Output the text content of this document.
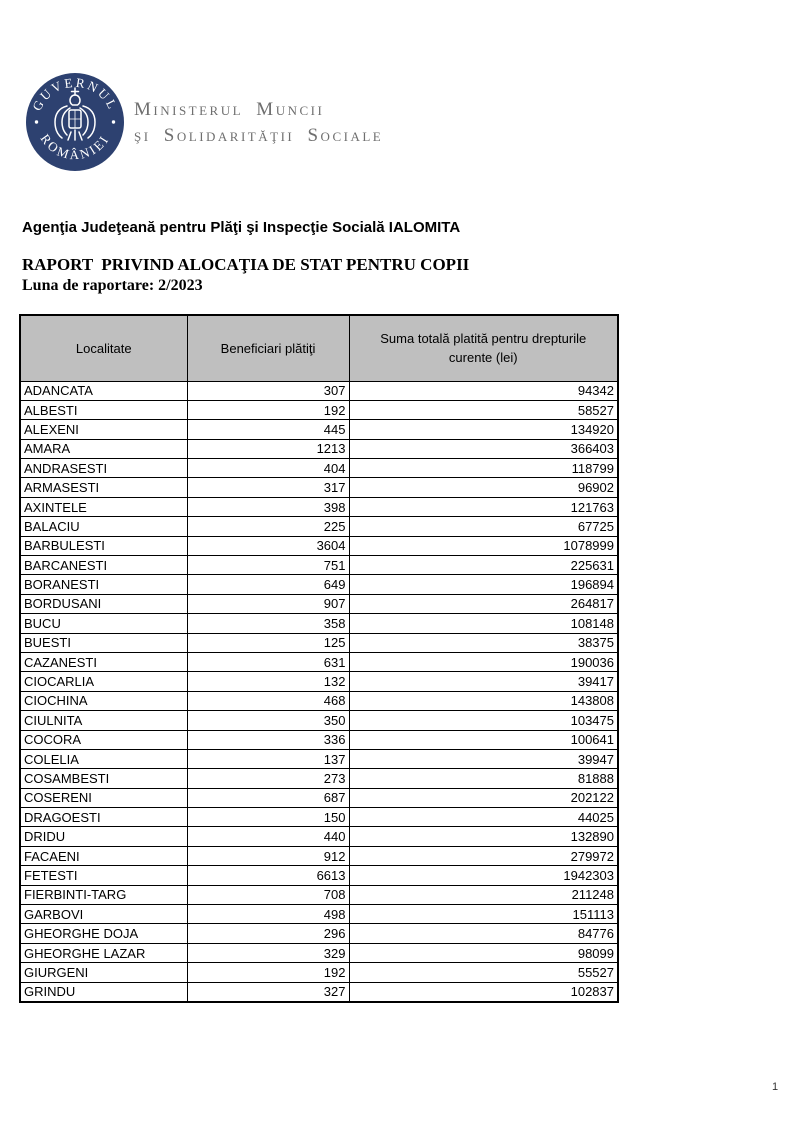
GUVERNUL
ROMÂNIEI
Ministerul Muncii
şi Solidarităţii Sociale
Agenţia Judeţeană pentru Plăţi şi Inspecţie Socială IALOMITA
RAPORT  PRIVIND ALOCAŢIA DE STAT PENTRU COPII
Luna de raportare: 2/2023
Localitate	Beneficiari plătiţi	Suma totală platită pentru drepturile curente (lei)
ADANCATA	307	94342
ALBESTI	192	58527
ALEXENI	445	134920
AMARA	1213	366403
ANDRASESTI	404	118799
ARMASESTI	317	96902
AXINTELE	398	121763
BALACIU	225	67725
BARBULESTI	3604	1078999
BARCANESTI	751	225631
BORANESTI	649	196894
BORDUSANI	907	264817
BUCU	358	108148
BUESTI	125	38375
CAZANESTI	631	190036
CIOCARLIA	132	39417
CIOCHINA	468	143808
CIULNITA	350	103475
COCORA	336	100641
COLELIA	137	39947
COSAMBESTI	273	81888
COSERENI	687	202122
DRAGOESTI	150	44025
DRIDU	440	132890
FACAENI	912	279972
FETESTI	6613	1942303
FIERBINTI-TARG	708	211248
GARBOVI	498	151113
GHEORGHE DOJA	296	84776
GHEORGHE LAZAR	329	98099
GIURGENI	192	55527
GRINDU	327	102837
1
